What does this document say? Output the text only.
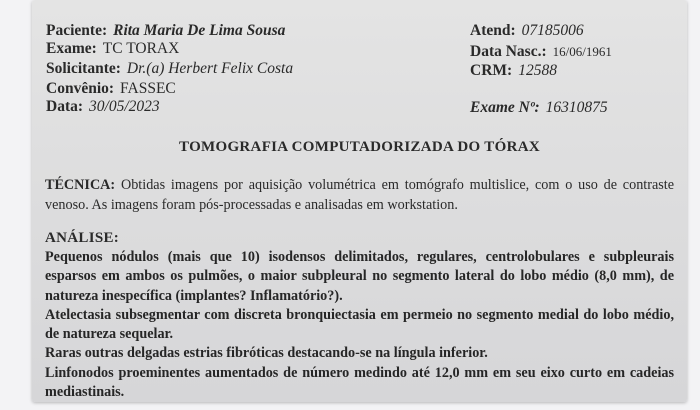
Paciente: Rita Maria De Lima Sousa
Exame: TC TORAX
Solicitante: Dr.(a) Herbert Felix Costa
Convênio: FASSEC
Data: 30/05/2023
Atend: 07185006
Data Nasc.: 16/06/1961
CRM: 12588
Exame Nº: 16310875
TOMOGRAFIA COMPUTADORIZADA DO TÓRAX
TÉCNICA: Obtidas imagens por aquisição volumétrica em tomógrafo multislice, com o uso de contraste venoso. As imagens foram pós-processadas e analisadas em workstation.
ANÁLISE:

Pequenos nódulos (mais que 10) isodensos delimitados, regulares, centrolobulares e subpleurais esparsos em ambos os pulmões, o maior subpleural no segmento lateral do lobo médio (8,0 mm), de natureza inespecífica (implantes? Inflamatório?).

Atelectasia subsegmentar com discreta bronquiectasia em permeio no segmento medial do lobo médio, de natureza sequelar.

Raras outras delgadas estrias fibróticas destacando-se na língula inferior.

Linfonodos proeminentes aumentados de número medindo até 12,0 mm em seu eixo curto em cadeias mediastinais.
